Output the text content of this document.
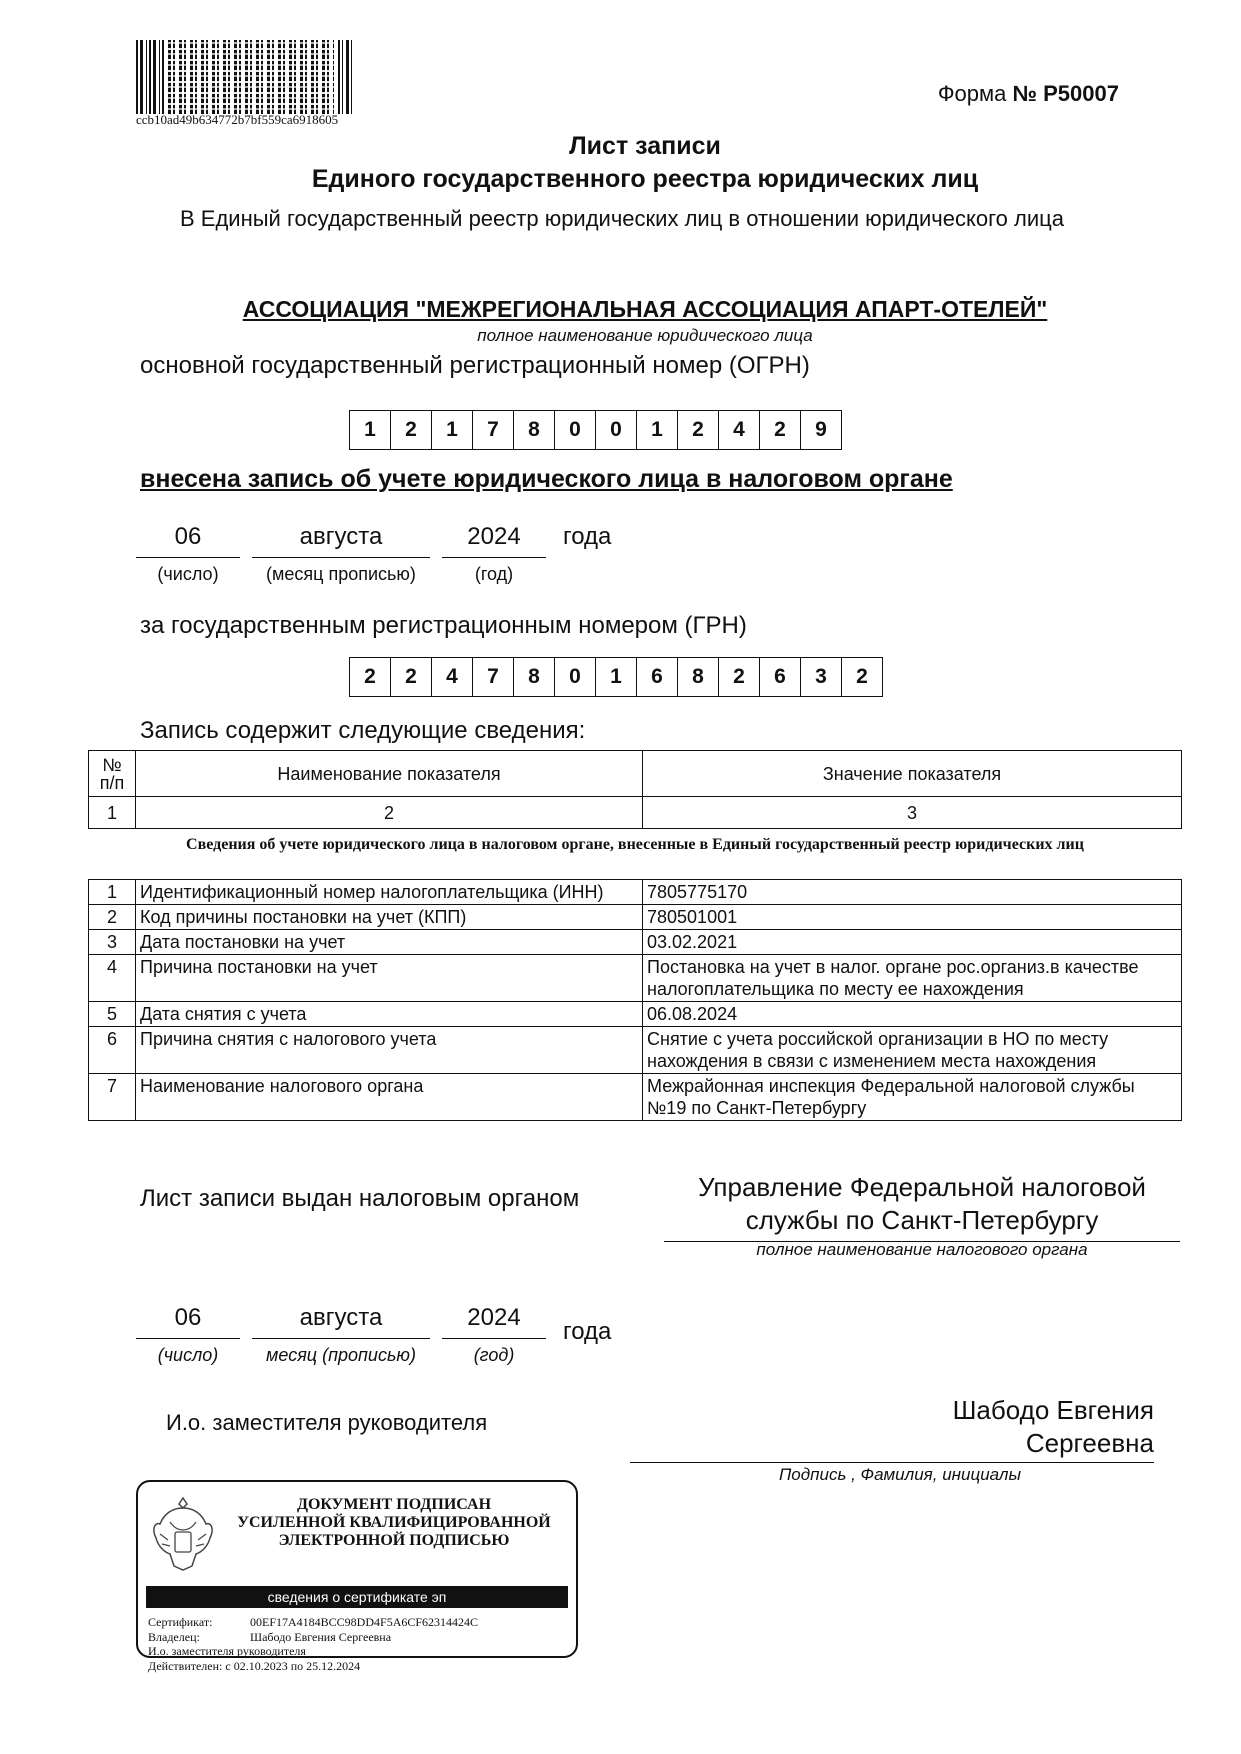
ccb10ad49b634772b7bf559ca6918605
Форма № Р50007
Лист записи
Единого государственного реестра юридических лиц
В Единый государственный реестр юридических лиц в отношении юридического лица
АССОЦИАЦИЯ "МЕЖРЕГИОНАЛЬНАЯ АССОЦИАЦИЯ АПАРТ-ОТЕЛЕЙ"
полное наименование юридического лица
основной государственный регистрационный номер (ОГРН)
1	2	1	7	8	0	0	1	2	4	2	9
внесена запись об учете юридического лица в налоговом органе
06	августа	2024	года
(число)	(месяц прописью)	(год)
за государственным регистрационным номером (ГРН)
2	2	4	7	8	0	1	6	8	2	6	3	2
Запись содержит следующие сведения:
№ п/п	Наименование показателя	Значение показателя
1	2	3
Сведения об учете юридического лица в налоговом органе, внесенные в Единый государственный реестр юридических лиц
1	Идентификационный номер налогоплательщика (ИНН)	7805775170
2	Код причины постановки на учет (КПП)	780501001
3	Дата постановки на учет	03.02.2021
4	Причина постановки на учет	Постановка на учет в налог. органе рос.организ.в качестве налогоплательщика по месту ее нахождения
5	Дата снятия с учета	06.08.2024
6	Причина снятия с налогового учета	Снятие с учета российской организации в НО по месту нахождения в связи с изменением места нахождения
7	Наименование налогового органа	Межрайонная инспекция Федеральной налоговой службы №19 по Санкт-Петербургу
Лист записи выдан налоговым органом	Управление Федеральной налоговой
службы по Санкт-Петербургу
полное наименование налогового органа
06	августа	2024
года
(число)	месяц (прописью)	(год)
И.о. заместителя руководителя	Шабодо Евгения
Сергеевна
Подпись , Фамилия, инициалы
ДОКУМЕНТ ПОДПИСАН
УСИЛЕННОЙ КВАЛИФИЦИРОВАННОЙ
ЭЛЕКТРОННОЙ ПОДПИСЬЮ
сведения о сертификате эп
Сертификат:	00EF17A4184BCC98DD4F5A6CF62314424C
Владелец:	Шабодо Евгения Сергеевна
И.о. заместителя руководителя
Действителен: с 02.10.2023 по 25.12.2024
